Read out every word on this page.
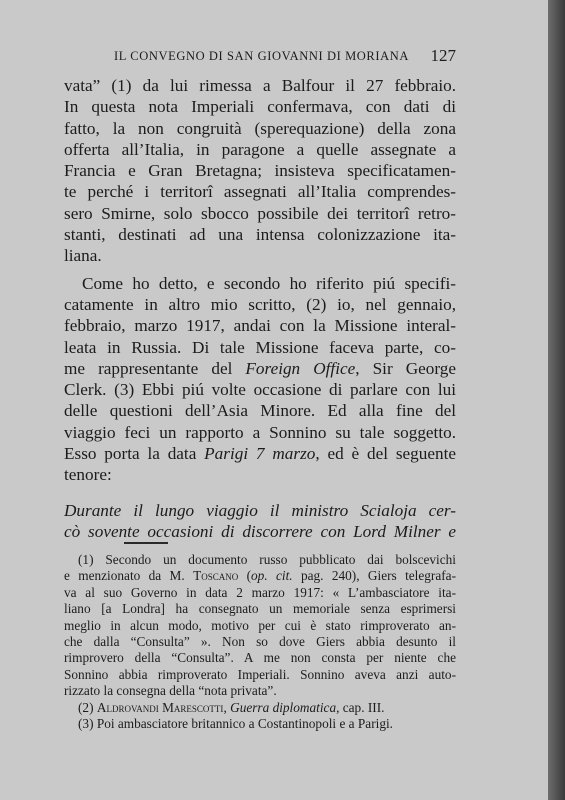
IL CONVEGNO DI SAN GIOVANNI DI MORIANA 127
vata” (1) da lui rimessa a Balfour il 27 febbraio.
In questa nota Imperiali confermava, con dati di
fatto, la non congruità (sperequazione) della zona
offerta all’Italia, in paragone a quelle assegnate a
Francia e Gran Bretagna; insisteva specificatamen-
te perché i territorî assegnati all’Italia comprendes-
sero Smirne, solo sbocco possibile dei territorî retro-
stanti, destinati ad una intensa colonizzazione ita-
liana.
Come ho detto, e secondo ho riferito piú specifi-
catamente in altro mio scritto, (2) io, nel gennaio,
febbraio, marzo 1917, andai con la Missione interal-
leata in Russia. Di tale Missione faceva parte, co-
me rappresentante del Foreign Office, Sir George
Clerk. (3) Ebbi piú volte occasione di parlare con lui
delle questioni dell’Asia Minore. Ed alla fine del
viaggio feci un rapporto a Sonnino su tale soggetto.
Esso porta la data Parigi 7 marzo, ed è del seguente
tenore:
Durante il lungo viaggio il ministro Scialoja cer-
cò sovente occasioni di discorrere con Lord Milner e
(1) Secondo un documento russo pubblicato dai bolscevichi
e menzionato da M. Toscano (op. cit. pag. 240), Giers telegrafa-
va al suo Governo in data 2 marzo 1917: « L’ambasciatore ita-
liano [a Londra] ha consegnato un memoriale senza esprimersi
meglio in alcun modo, motivo per cui è stato rimproverato an-
che dalla “Consulta” ». Non so dove Giers abbia desunto il
rimprovero della “Consulta”. A me non consta per niente che
Sonnino abbia rimproverato Imperiali. Sonnino aveva anzi auto-
rizzato la consegna della “nota privata”.
(2) Aldrovandi Marescotti, Guerra diplomatica, cap. III.
(3) Poi ambasciatore britannico a Costantinopoli e a Parigi.
